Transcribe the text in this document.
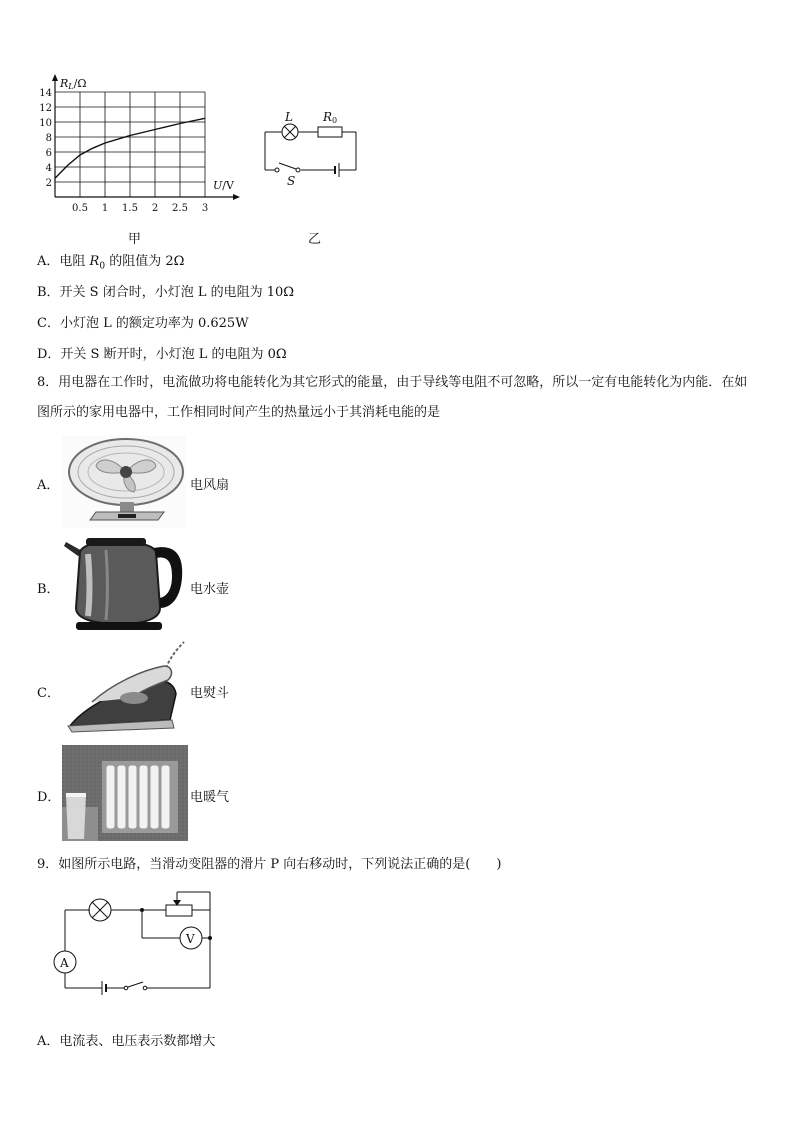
RL/Ω
U/V
14
12
10
8
6
4
2
0.5 1 1.5 2 2.5 3
甲
L	R0
S
乙
A．电阻 $R_0$ 的阻值为 2Ω
B．开关 S 闭合时，小灯泡 L 的电阻为 10Ω
C．小灯泡 L 的额定功率为 0.625W
D．开关 S 断开时，小灯泡 L 的电阻为 0Ω
8．用电器在工作时，电流做功将电能转化为其它形式的能量，由于导线等电阻不可忽略，所以一定有电能转化为内能．在如图所示的家用电器中，工作相同时间产生的热量远小于其消耗电能的是
A．	电风扇
B．	电水壶
C．	电熨斗
D．	电暖气
9．如图所示电路，当滑动变阻器的滑片 P 向右移动时，下列说法正确的是(　　)
V
A
A．电流表、电压表示数都增大
